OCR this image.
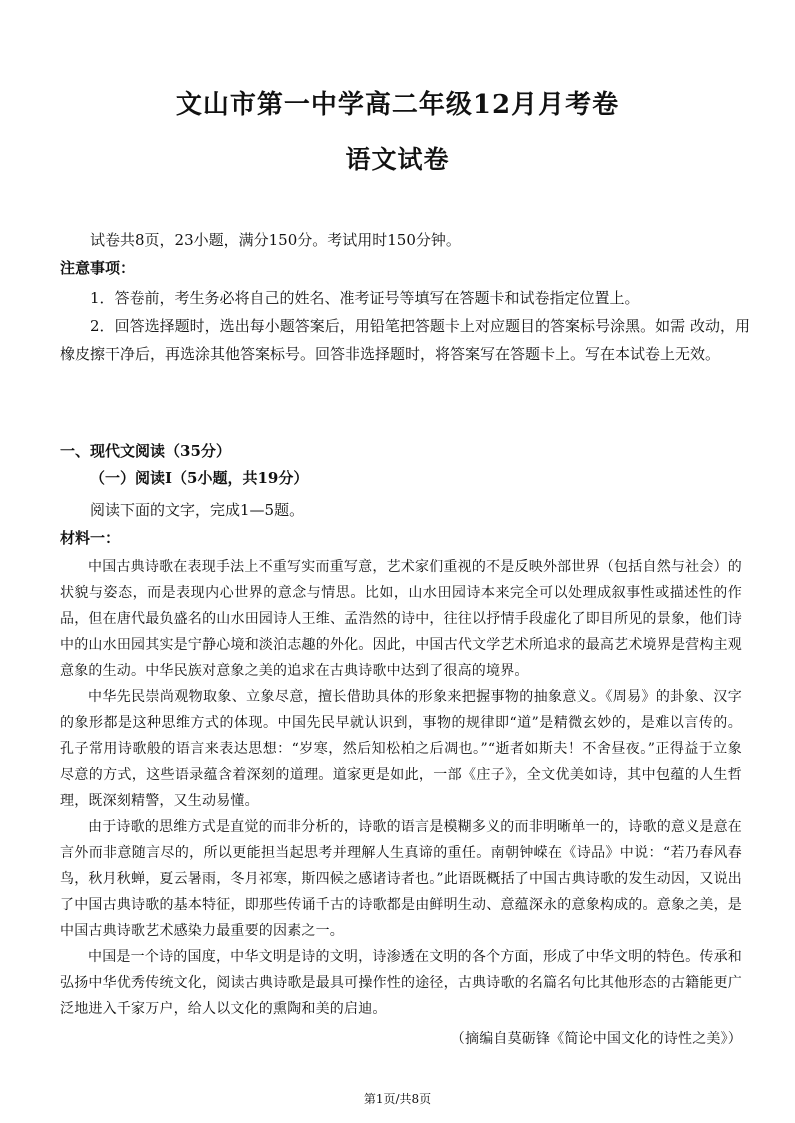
文山市第一中学高二年级12月月考卷
语文试卷
试卷共8页，23小题，满分150分。考试用时150分钟。
注意事项：

1．答卷前，考生务必将自己的姓名、准考证号等填写在答题卡和试卷指定位置上。

2．回答选择题时，选出每小题答案后，用铅笔把答题卡上对应题目的答案标号涂黑。如需 改动，用橡皮擦干净后，再选涂其他答案标号。回答非选择题时，将答案写在答题卡上。写在本试卷上无效。

一、现代文阅读（35分）
（一）阅读Ⅰ（5小题，共19分）
阅读下面的文字，完成1—5题。
材料一：

中国古典诗歌在表现手法上不重写实而重写意，艺术家们重视的不是反映外部世界（包括自然与社会）的状貌与姿态，而是表现内心世界的意念与情思。比如，山水田园诗本来完全可以处理成叙事性或描述性的作品，但在唐代最负盛名的山水田园诗人王维、孟浩然的诗中，往往以抒情手段虚化了即目所见的景象，他们诗中的山水田园其实是宁静心境和淡泊志趣的外化。因此，中国古代文学艺术所追求的最高艺术境界是营构主观意象的生动。中华民族对意象之美的追求在古典诗歌中达到了很高的境界。

中华先民崇尚观物取象、立象尽意，擅长借助具体的形象来把握事物的抽象意义。《周易》的卦象、汉字的象形都是这种思维方式的体现。中国先民早就认识到，事物的规律即“道”是精微玄妙的，是难以言传的。孔子常用诗歌般的语言来表达思想：“岁寒，然后知松柏之后凋也。”“逝者如斯夫！不舍昼夜。”正得益于立象尽意的方式，这些语录蕴含着深刻的道理。道家更是如此，一部《庄子》，全文优美如诗，其中包蕴的人生哲理，既深刻精警，又生动易懂。

由于诗歌的思维方式是直觉的而非分析的，诗歌的语言是模糊多义的而非明晰单一的，诗歌的意义是意在言外而非意随言尽的，所以更能担当起思考并理解人生真谛的重任。南朝钟嵘在《诗品》中说：“若乃春风春鸟，秋月秋蝉，夏云暑雨，冬月祁寒，斯四候之感诸诗者也。”此语既概括了中国古典诗歌的发生动因，又说出了中国古典诗歌的基本特征，即那些传诵千古的诗歌都是由鲜明生动、意蕴深永的意象构成的。意象之美，是中国古典诗歌艺术感染力最重要的因素之一。

中国是一个诗的国度，中华文明是诗的文明，诗渗透在文明的各个方面，形成了中华文明的特色。传承和弘扬中华优秀传统文化，阅读古典诗歌是最具可操作性的途径，古典诗歌的名篇名句比其他形态的古籍能更广泛地进入千家万户，给人以文化的熏陶和美的启迪。

（摘编自莫砺锋《简论中国文化的诗性之美》）
第1页/共8页
